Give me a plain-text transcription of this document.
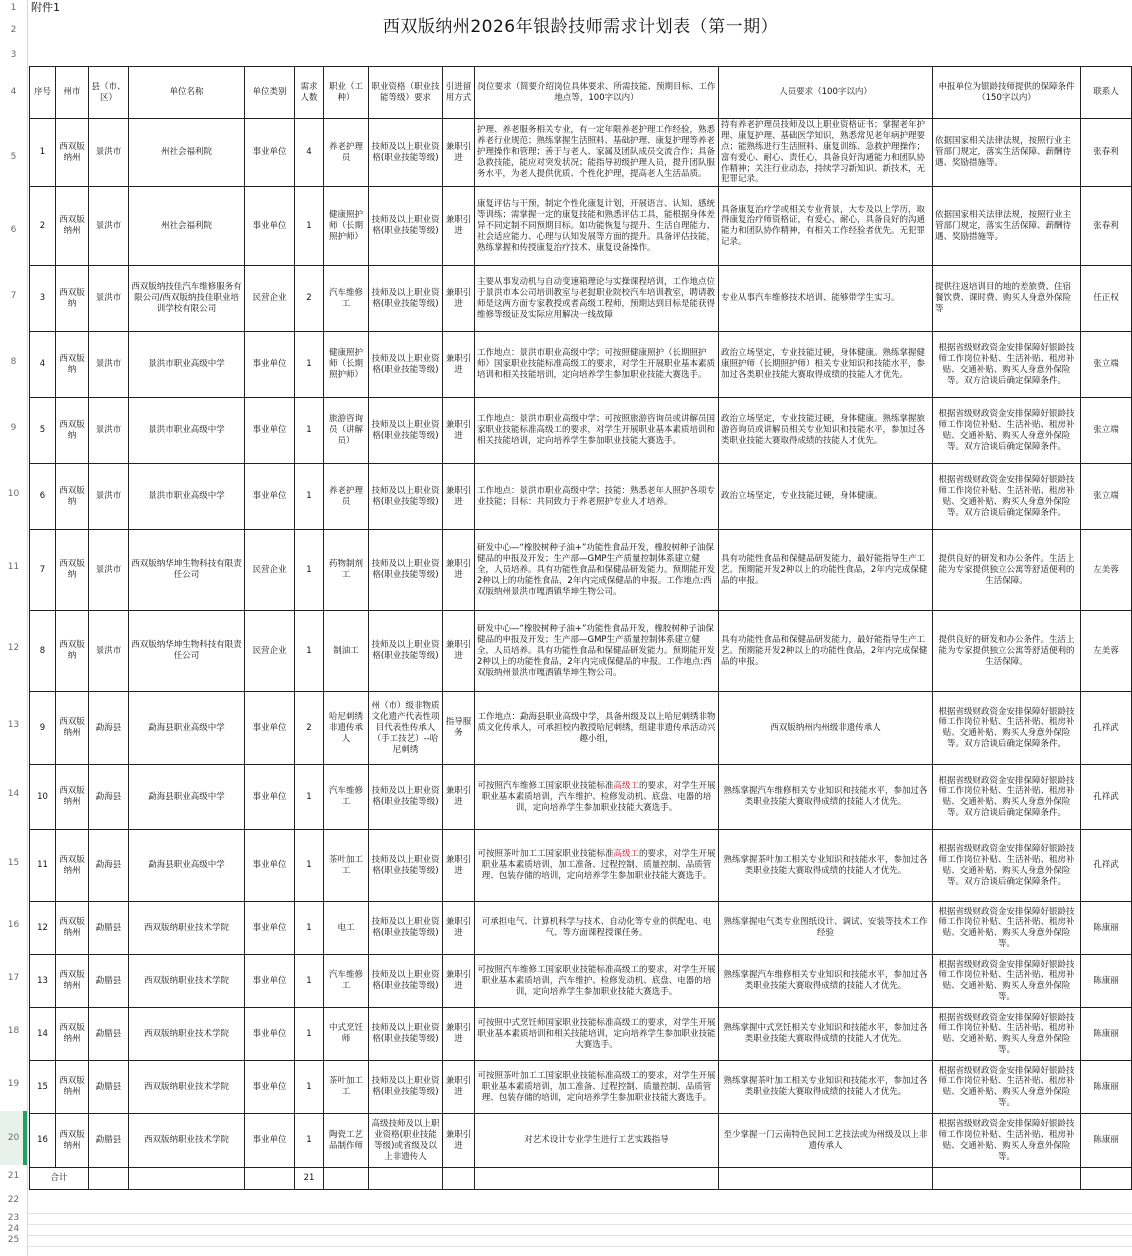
1
2
3
4
5
6
7
8
9
10
11
12
13
14
15
16
17
18
19
20
21
22
23
24
25
附件1
西双版纳州2026年银龄技师需求计划表（第一期）
序号	州市	县（市、区）	单位名称	单位类别	需求人数	职业（工种）	职业资格（职业技能等级）要求	引进留用方式	岗位要求（简要介绍岗位具体要求、所需技能、预期目标、工作地点等，100字以内）	人员要求（100字以内）	申报单位为银龄技师提供的保障条件（150字以内）	联系人
1	西双版纳州	景洪市	州社会福利院	事业单位	4	养老护理员	技师及以上职业资格(职业技能等级)	兼职引进	护理、养老服务相关专业，有一定年限养老护理工作经验，熟悉养老行业规范；熟练掌握生活照料、基础护理、康复护理等养老护理操作和管理；善于与老人、家属及团队成员交流合作；具备急救技能，能应对突发状况；能指导初级护理人员，提升团队服务水平，为老人提供优质、个性化护理，提高老人生活品质。	持有养老护理员技师及以上职业资格证书；掌握老年护理、康复护理、基础医学知识，熟悉常见老年病护理要点；能熟练进行生活照料、康复训练、急救护理操作；富有爱心、耐心、责任心，具备良好沟通能力和团队协作精神；关注行业动态，持续学习新知识、新技术，无犯罪记录。	依据国家相关法律法规，按照行业主管部门规定，落实生活保障、薪酬待遇、奖励措施等。	张春利
2	西双版纳州	景洪市	州社会福利院	事业单位	1	健康照护师（长期照护师）	技师及以上职业资格(职业技能等级)	兼职引进	康复评估与干预，制定个性化康复计划，开展语言、认知、感统等训练；需掌握一定的康复技能和熟悉评估工具，能根据身体差异不同定制不同预期目标。如功能恢复与提升、生活自理能力、社会适应能力、心理与认知发展等方面的提升。具备评估技能，熟练掌握和传授康复治疗技术、康复设备操作。	具备康复治疗学或相关专业背景，大专及以上学历，取得康复治疗师资格证，有爱心、耐心，具备良好的沟通能力和团队协作精神，有相关工作经验者优先。无犯罪记录。	依据国家相关法律法规，按照行业主管部门规定，落实生活保障、薪酬待遇、奖励措施等。	张春利
3	西双版纳	景洪市	西双版纳技佳汽车维修服务有限公司/西双版纳技佳职业培训学校有限公司	民营企业	2	汽车维修工	技师及以上职业资格(职业技能等级)	兼职引进	主要从事发动机与自动变速箱理论与实操课程培训，工作地点位于景洪市本公司培训教室与老挝职业院校汽车培训教室，聘请教师是这两方面专家教授或者高级工程师，预期达到目标是能获得维修等级证及实际应用解决一线故障	专业从事汽车维修技术培训、能够带学生实习。	提供往返培训目的地的差旅费、住宿餐饮费、课时费、购买人身意外保险等	任正权
4	西双版纳	景洪市	景洪市职业高级中学	事业单位	1	健康照护师（长期照护师）	技师及以上职业资格(职业技能等级)	兼职引进	工作地点：景洪市职业高级中学；可按照健康照护（长期照护师）国家职业技能标准高级工的要求，对学生开展职业基本素质培训和相关技能培训，定向培养学生参加职业技能大赛选手。	政治立场坚定，专业技能过硬，身体健康。熟练掌握健康照护师（长期照护师）相关专业知识和技能水平，参加过各类职业技能大赛取得成绩的技能人才优先。	根据省级财政资金安排保障好银龄技师工作岗位补贴、生活补贴、租房补贴、交通补贴、购买人身意外保险等。双方洽谈后确定保障条件。	张立端
5	西双版纳	景洪市	景洪市职业高级中学	事业单位	1	旅游咨询员（讲解员）	技师及以上职业资格(职业技能等级)	兼职引进	工作地点：景洪市职业高级中学；可按照旅游咨询员或讲解员国家职业技能标准高级工的要求，对学生开展职业基本素质培训和相关技能培训，定向培养学生参加职业技能大赛选手。	政治立场坚定，专业技能过硬，身体健康。熟练掌握旅游咨询员或讲解员相关专业知识和技能水平，参加过各类职业技能大赛取得成绩的技能人才优先。	根据省级财政资金安排保障好银龄技师工作岗位补贴、生活补贴、租房补贴、交通补贴、购买人身意外保险等。双方洽谈后确定保障条件。	张立端
6	西双版纳	景洪市	景洪市职业高级中学	事业单位	1	养老护理员	技师及以上职业资格(职业技能等级)	兼职引进	工作地点：景洪市职业高级中学；技能：熟悉老年人照护各项专业技能；目标：共同致力于养老照护专业人才培养。	政治立场坚定，专业技能过硬，身体健康。	根据省级财政资金安排保障好银龄技师工作岗位补贴、生活补贴、租房补贴、交通补贴、购买人身意外保险等。双方洽谈后确定保障条件。	张立端
7	西双版纳	景洪市	西双版纳华坤生物科技有限责任公司	民营企业	1	药物制剂工	技师及以上职业资格(职业技能等级)	兼职引进	研发中心—“橡胶树种子油+”功能性食品开发，橡胶树种子油保健品的申报及开发；生产部—GMP生产质量控制体系建立健全，人员培养。具有功能性食品和保健品研发能力。预期能开发2种以上的功能性食品，2年内完成保健品的申报。工作地点:西双版纳州景洪市嘎洒镇华坤生物公司。	具有功能性食品和保健品研发能力，最好能指导生产工艺。预期能开发2种以上的功能性食品，2年内完成保健品的申报。	提供良好的研发和办公条件。生活上能为专家提供独立公寓等舒适便利的生活保障。	左美蓉
8	西双版纳	景洪市	西双版纳华坤生物科技有限责任公司	民营企业	1	制油工	技师及以上职业资格(职业技能等级)	兼职引进	研发中心—“橡胶树种子油+”功能性食品开发，橡胶树种子油保健品的申报及开发；生产部—GMP生产质量控制体系建立健全，人员培养。具有功能性食品和保健品研发能力。预期能开发2种以上的功能性食品，2年内完成保健品的申报。工作地点:西双版纳州景洪市嘎洒镇华坤生物公司。	具有功能性食品和保健品研发能力，最好能指导生产工艺。预期能开发2种以上的功能性食品，2年内完成保健品的申报。	提供良好的研发和办公条件。生活上能为专家提供独立公寓等舒适便利的生活保障。	左美蓉
9	西双版纳州	勐海县	勐海县职业高级中学	事业单位	2	哈尼刺绣非遗传承人	州（市）级非物质文化遗产代表性项目代表性传承人（手工技艺）--哈尼刺绣	指导服务	工作地点：勐海县职业高级中学，具备州级及以上哈尼刺绣非物质文化传承人，可承担校内教授哈尼刺绣，组建非遗传承活动兴趣小组，	西双版纳州内州级非遗传承人	根据省级财政资金安排保障好银龄技师工作岗位补贴、生活补贴、租房补贴、交通补贴、购买人身意外保险等。双方洽谈后确定保障条件。	孔祥武
10	西双版纳州	勐海县	勐海县职业高级中学	事业单位	1	汽车维修工	技师及以上职业资格(职业技能等级)	兼职引进	可按照汽车维修工国家职业技能标准高级工的要求，对学生开展职业基本素质培训，汽车维护、检修发动机、底盘、电器的培训，定向培养学生参加职业技能大赛选手。	熟练掌握汽车维修相关专业知识和技能水平，参加过各类职业技能大赛取得成绩的技能人才优先。	根据省级财政资金安排保障好银龄技师工作岗位补贴、生活补贴、租房补贴、交通补贴、购买人身意外保险等。双方洽谈后确定保障条件。	孔祥武
11	西双版纳州	勐海县	勐海县职业高级中学	事业单位	1	茶叶加工工	技师及以上职业资格(职业技能等级)	兼职引进	可按照茶叶加工工国家职业技能标准高级工的要求，对学生开展职业基本素质培训，加工准备、过程控制、质量控制、品质管理、包装存储的培训，定向培养学生参加职业技能大赛选手。	熟练掌握茶叶加工相关专业知识和技能水平，参加过各类职业技能大赛取得成绩的技能人才优先。	根据省级财政资金安排保障好银龄技师工作岗位补贴、生活补贴、租房补贴、交通补贴、购买人身意外保险等。双方洽谈后确定保障条件。	孔祥武
12	西双版纳州	勐腊县	西双版纳职业技术学院	事业单位	1	电工	技师及以上职业资格(职业技能等级)	兼职引进	可承担电气、计算机科学与技术、自动化等专业的供配电、电气、等方面课程授课任务。	熟练掌握电气类专业图纸设计、调试、安装等技术工作经验	根据省级财政资金安排保障好银龄技师工作岗位补贴、生活补贴、租房补贴、交通补贴、购买人身意外保险等。	陈康丽
13	西双版纳州	勐腊县	西双版纳职业技术学院	事业单位	1	汽车维修工	技师及以上职业资格(职业技能等级)	兼职引进	可按照汽车维修工国家职业技能标准高级工的要求，对学生开展职业基本素质培训，汽车维护、检修发动机、底盘、电器的培训，定向培养学生参加职业技能大赛选手。	熟练掌握汽车维修相关专业知识和技能水平，参加过各类职业技能大赛取得成绩的技能人才优先。	根据省级财政资金安排保障好银龄技师工作岗位补贴、生活补贴、租房补贴、交通补贴、购买人身意外保险等。	陈康丽
14	西双版纳州	勐腊县	西双版纳职业技术学院	事业单位	1	中式烹饪师	技师及以上职业资格(职业技能等级)	兼职引进	可按照中式烹饪师国家职业技能标准高级工的要求，对学生开展职业基本素质培训和相关技能培训，定向培养学生参加职业技能大赛选手。	熟练掌握中式烹饪相关专业知识和技能水平，参加过各类职业技能大赛取得成绩的技能人才优先。	根据省级财政资金安排保障好银龄技师工作岗位补贴、生活补贴、租房补贴、交通补贴、购买人身意外保险等。	陈康丽
15	西双版纳州	勐腊县	西双版纳职业技术学院	事业单位	1	茶叶加工工	技师及以上职业资格(职业技能等级)	兼职引进	可按照茶叶加工工国家职业技能标准高级工的要求，对学生开展职业基本素质培训，加工准备、过程控制、质量控制、品质管理、包装存储的培训，定向培养学生参加职业技能大赛选手。	熟练掌握茶叶加工相关专业知识和技能水平，参加过各类职业技能大赛取得成绩的技能人才优先。	根据省级财政资金安排保障好银龄技师工作岗位补贴、生活补贴、租房补贴、交通补贴、购买人身意外保险等。	陈康丽
16	西双版纳州	勐腊县	西双版纳职业技术学院	事业单位	1	陶瓷工艺品制作师	高级技师及以上职业资格(职业技能等级)或省级及以上非遗传人	兼职引进	对艺术设计专业学生进行工艺实践指导	至少掌握一门云南特色民间工艺技法或为州级及以上非遗传承人	根据省级财政资金安排保障好银龄技师工作岗位补贴、生活补贴、租房补贴、交通补贴、购买人身意外保险等。	陈康丽
合计					21							
